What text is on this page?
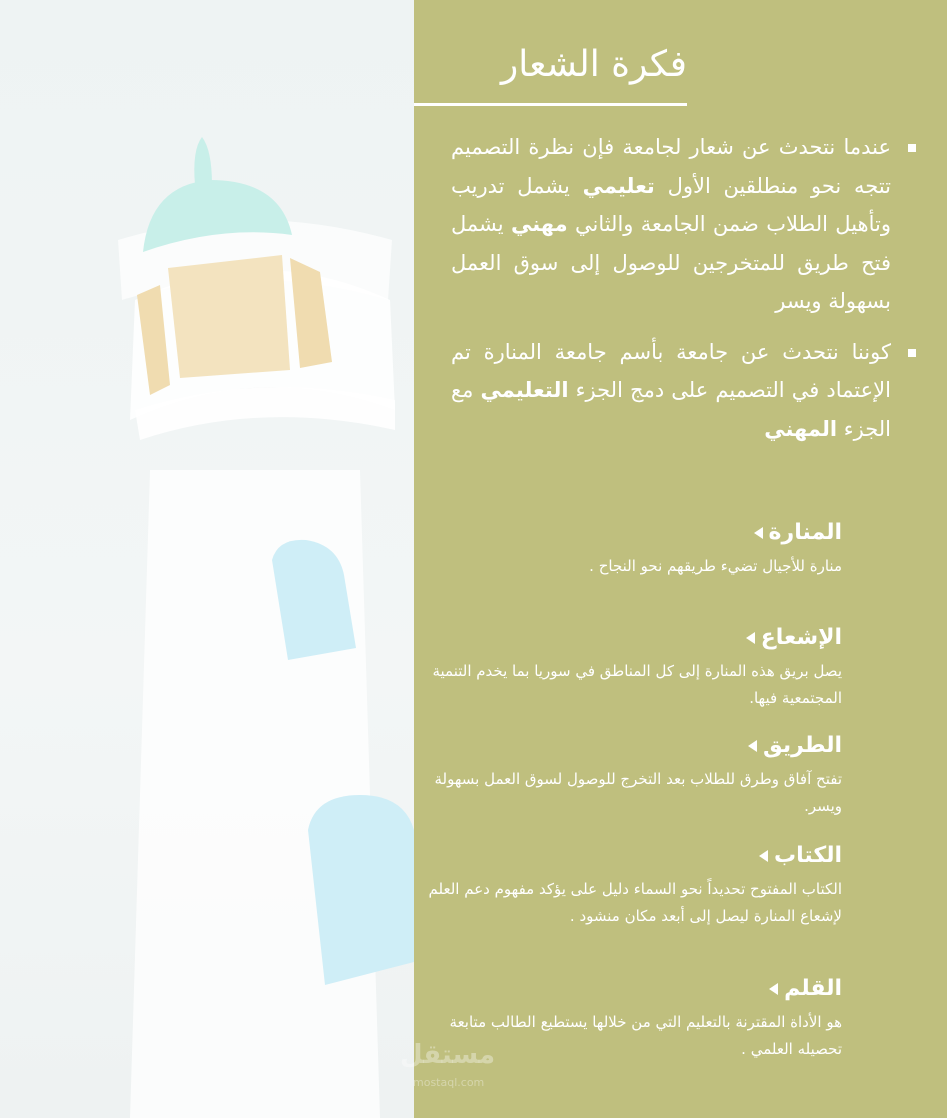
فكرة الشعار
عندما نتحدث عن شعار لجامعة فإن نظرة التصميم تتجه نحو منطلقين الأول تعليمي يشمل تدريب وتأهيل الطلاب ضمن الجامعة والثاني مهني يشمل فتح طريق للمتخرجين للوصول إلى سوق العمل بسهولة ويسر
كوننا نتحدث عن جامعة بأسم جامعة المنارة تم الإعتماد في التصميم على دمج الجزء التعليمي مع الجزء المهني
المنارة
منارة للأجيال تضيء طريقهم نحو النجاح .
الإشعاع
يصل بريق هذه المنارة إلى كل المناطق في سوريا بما يخدم التنمية المجتمعية فيها.
الطريق
تفتح آفاق وطرق للطلاب بعد التخرج للوصول لسوق العمل بسهولة ويسر.
الكتاب
الكتاب المفتوح تحديداً نحو السماء دليل على يؤكد مفهوم دعم العلم لإشعاع المنارة ليصل إلى أبعد مكان منشود .
القلم
هو الأداة المقترنة بالتعليم التي من خلالها يستطيع الطالب متابعة تحصيله العلمي .
مستقل
mostaql.com
